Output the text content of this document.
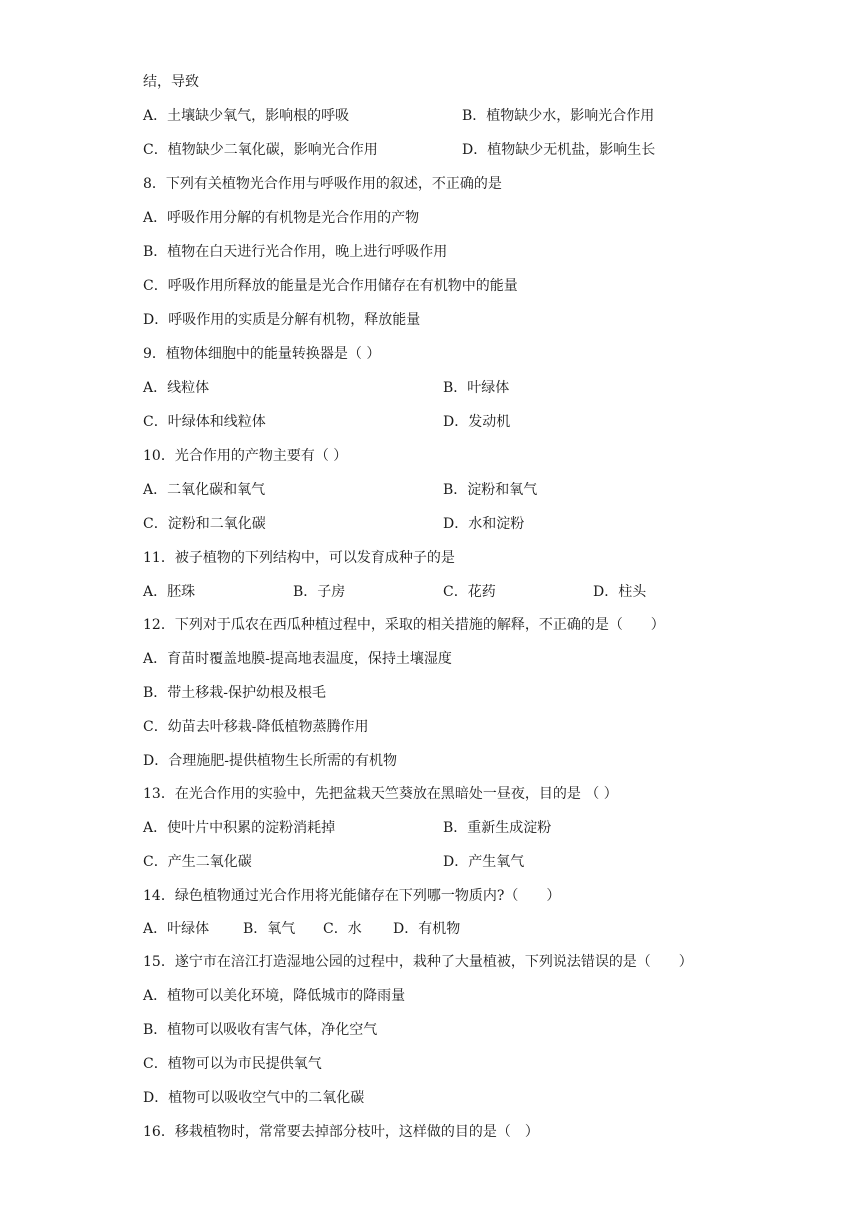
结，导致
A．土壤缺少氧气，影响根的呼吸	B．植物缺少水，影响光合作用
C．植物缺少二氧化碳，影响光合作用	D．植物缺少无机盐，影响生长
8．下列有关植物光合作用与呼吸作用的叙述，不正确的是
A．呼吸作用分解的有机物是光合作用的产物
B．植物在白天进行光合作用，晚上进行呼吸作用
C．呼吸作用所释放的能量是光合作用储存在有机物中的能量
D．呼吸作用的实质是分解有机物，释放能量
9．植物体细胞中的能量转换器是（ ）
A．线粒体	B．叶绿体
C．叶绿体和线粒体	D．发动机
10．光合作用的产物主要有（ ）
A．二氧化碳和氧气	B．淀粉和氧气
C．淀粉和二氧化碳	D．水和淀粉
11．被子植物的下列结构中，可以发育成种子的是
A．胚珠	B．子房	C．花药	D．柱头
12．下列对于瓜农在西瓜种植过程中，采取的相关措施的解释，不正确的是（　　）
A．育苗时覆盖地膜-提高地表温度，保持土壤湿度
B．带土移栽-保护幼根及根毛
C．幼苗去叶移栽-降低植物蒸腾作用
D．合理施肥-提供植物生长所需的有机物
13．在光合作用的实验中，先把盆栽天竺葵放在黑暗处一昼夜，目的是 （ ）
A．使叶片中积累的淀粉消耗掉	B．重新生成淀粉
C．产生二氧化碳	D．产生氧气
14．绿色植物通过光合作用将光能储存在下列哪一物质内?（　　）
A．叶绿体 B．氧气 C．水 D．有机物
15．遂宁市在涪江打造湿地公园的过程中，栽种了大量植被，下列说法错误的是（　　）
A．植物可以美化环境，降低城市的降雨量
B．植物可以吸收有害气体，净化空气
C．植物可以为市民提供氧气
D．植物可以吸收空气中的二氧化碳
16．移栽植物时，常常要去掉部分枝叶，这样做的目的是（　）
